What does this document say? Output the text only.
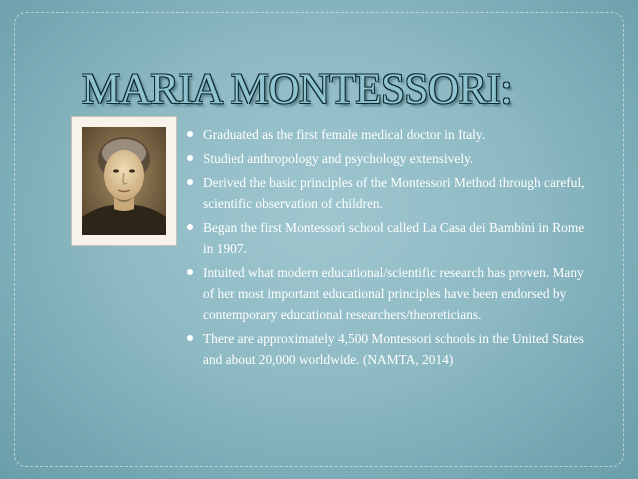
MARIA MONTESSORI:
Graduated as the first female medical doctor in Italy.
Studied anthropology and psychology extensively.
Derived the basic principles of the Montessori Method through careful, scientific observation of children.
Began the first Montessori school called La Casa dei Bambini in Rome in 1907.
Intuited what modern educational/scientific research has proven. Many of her most important educational principles have been endorsed by contemporary educational researchers/theoreticians.
There are approximately 4,500 Montessori schools in the United States and about 20,000 worldwide. (NAMTA, 2014)
